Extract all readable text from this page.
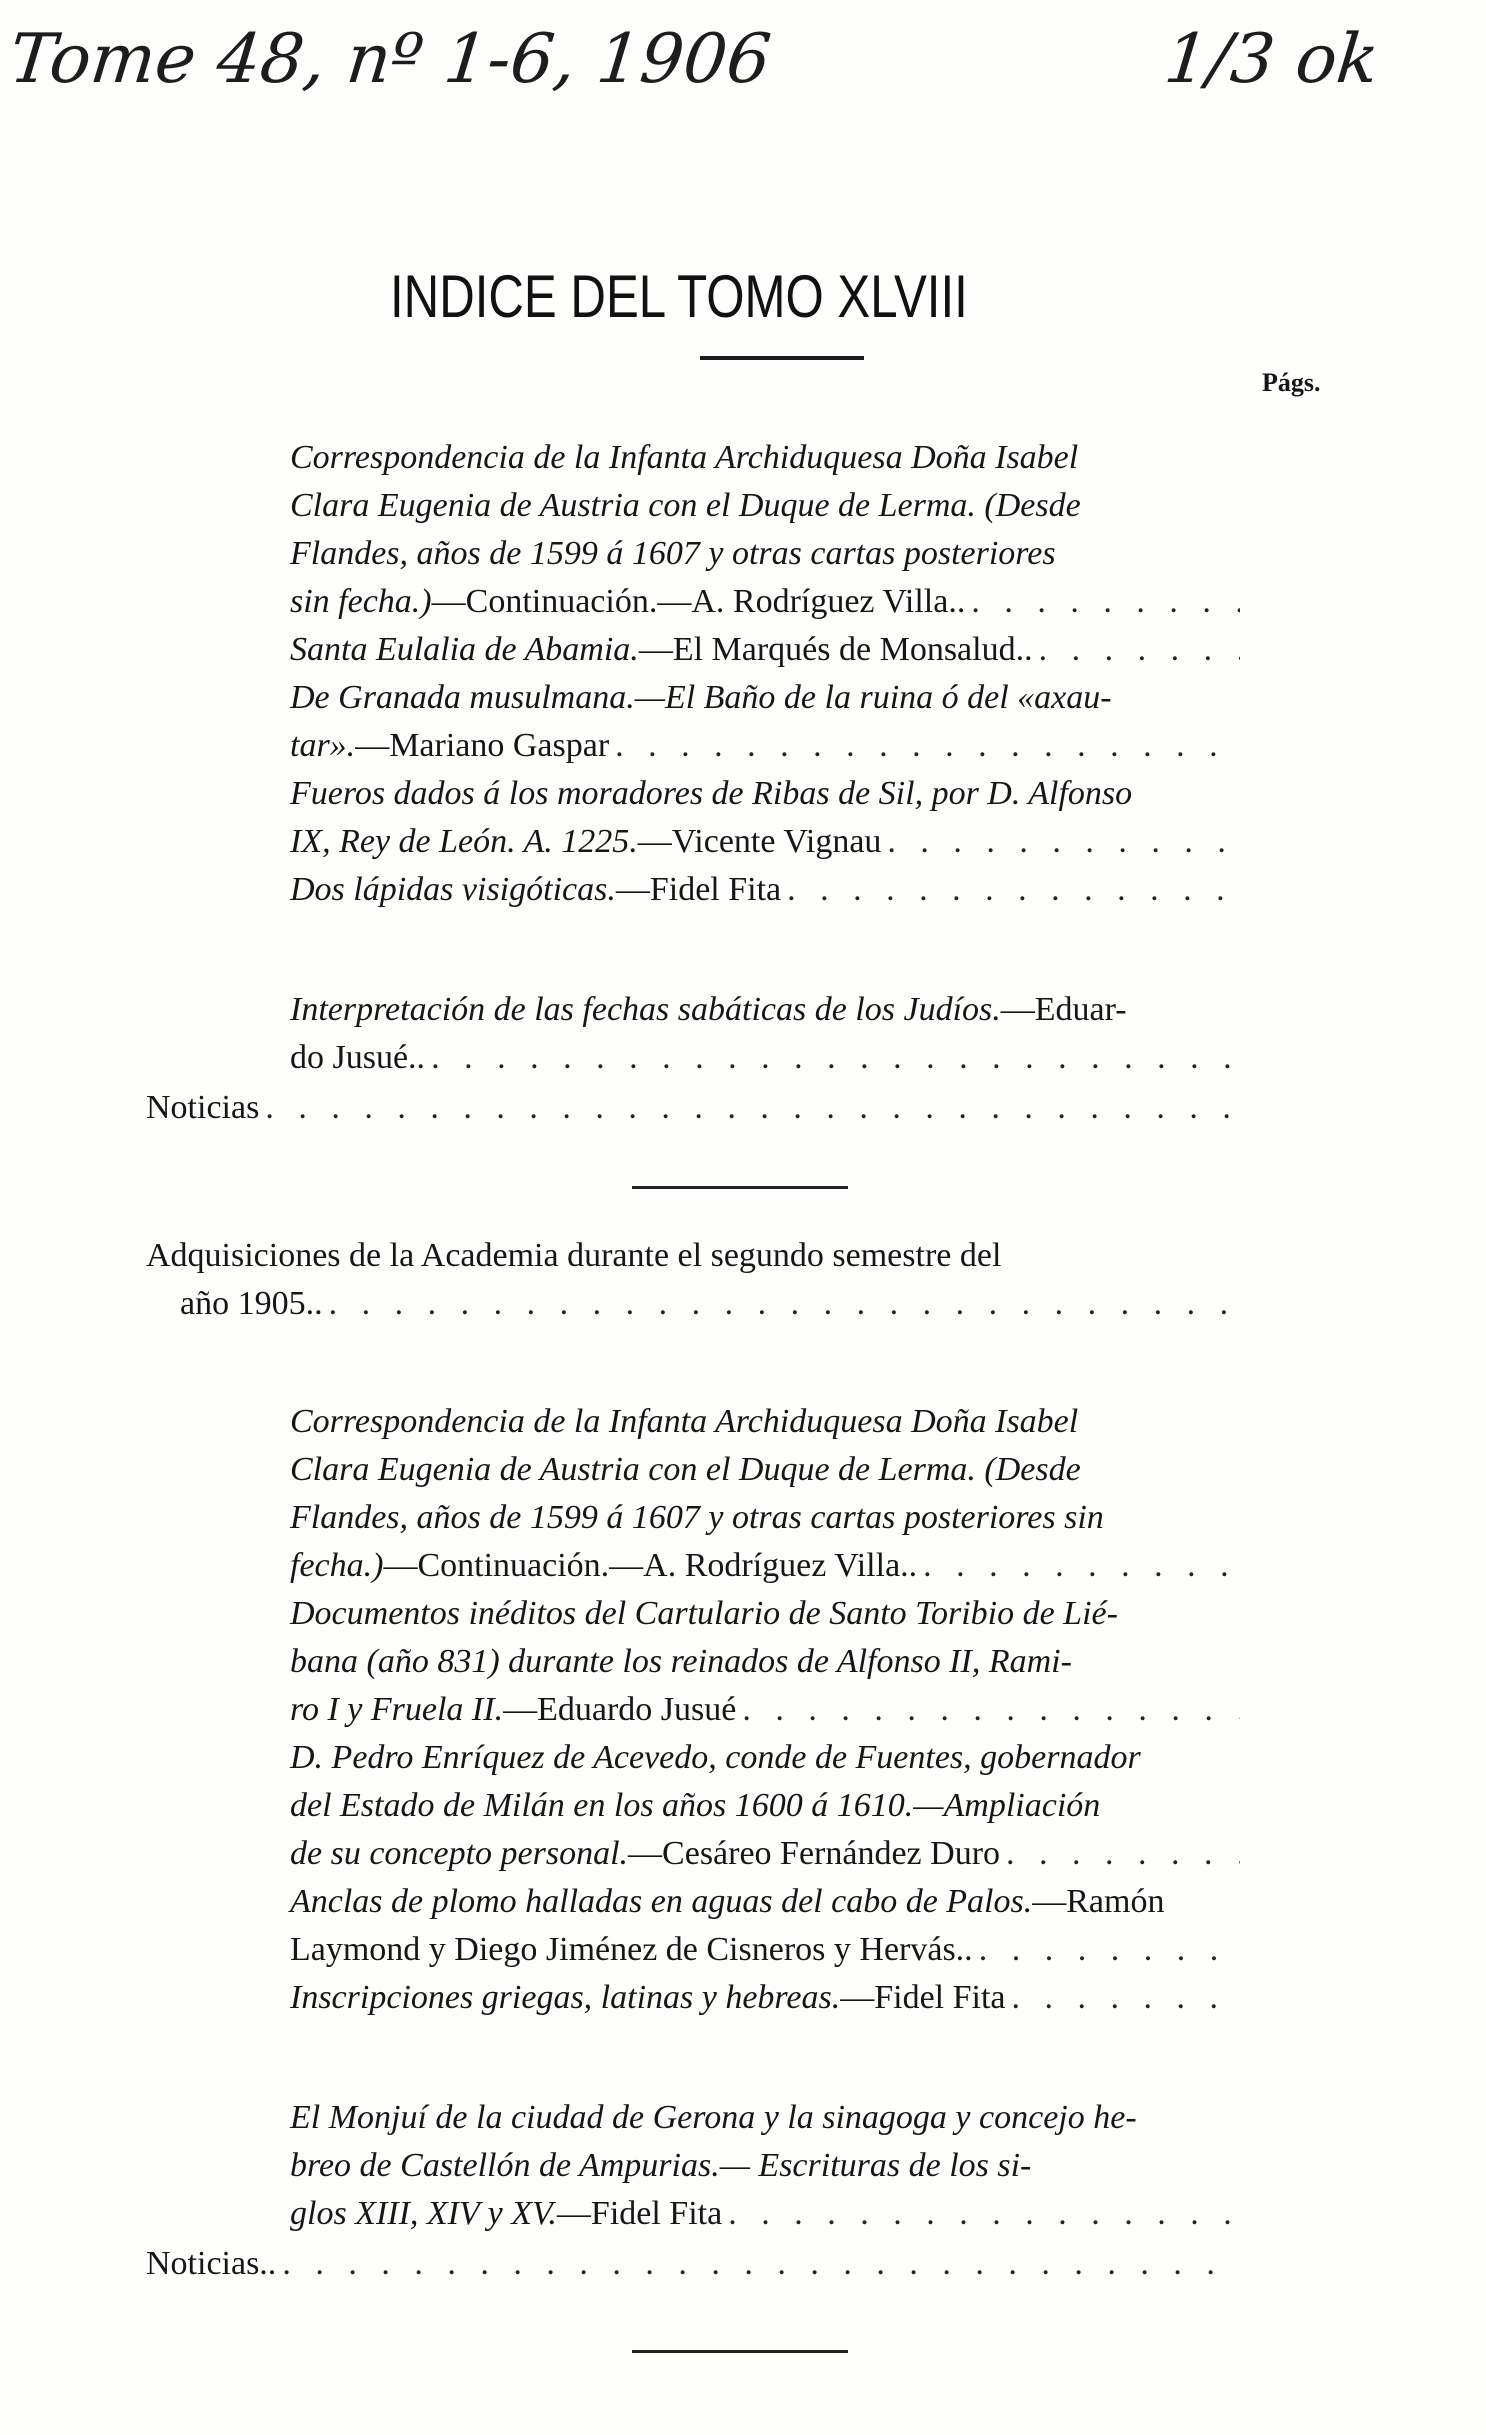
Tome 48, nº 1-6, 1906	1/3 ok
INDICE DEL TOMO XLVIII
Págs.
Correspondencia de la Infanta Archiduquesa Doña Isabel
Clara Eugenia de Austria con el Duque de Lerma. (Desde
Flandes, años de 1599 á 1607 y otras cartas posteriores
sin fecha.) —Continuación.—A. Rodríguez Villa..
. . .
Santa Eulalia de Abamia. —El Marqués de Monsalud..
. . .
De Granada musulmana.—El Baño de la ruina ó del «axau-
tar». —Mariano Gaspar
. . .
Fueros dados á los moradores de Ribas de Sil, por D. Alfonso
IX, Rey de León. A. 1225. —Vicente Vignau
. . .
Dos lápidas visigóticas. —Fidel Fita
. . .
Interpretación de las fechas sabáticas de los Judíos. —Eduar-
do Jusué..
. . .
Noticias
. . .
Adquisiciones de la Academia durante el segundo semestre del
año 1905..
. . .
Correspondencia de la Infanta Archiduquesa Doña Isabel
Clara Eugenia de Austria con el Duque de Lerma. (Desde
Flandes, años de 1599 á 1607 y otras cartas posteriores sin
fecha.) —Continuación.—A. Rodríguez Villa..
. . .
Documentos inéditos del Cartulario de Santo Toribio de Lié-
bana (año 831) durante los reinados de Alfonso II, Rami-
ro I y Fruela II. —Eduardo Jusué
. . .
D. Pedro Enríquez de Acevedo, conde de Fuentes, gobernador
del Estado de Milán en los años 1600 á 1610.—Ampliación
de su concepto personal. —Cesáreo Fernández Duro
. . .
Anclas de plomo halladas en aguas del cabo de Palos. —Ramón
Laymond y Diego Jiménez de Cisneros y Hervás..
. . .
Inscripciones griegas, latinas y hebreas. —Fidel Fita
. . .
El Monjuí de la ciudad de Gerona y la sinagoga y concejo he-
breo de Castellón de Ampurias.— Escrituras de los si-
glos XIII, XIV y XV. —Fidel Fita
. . .
Noticias..
. . .
